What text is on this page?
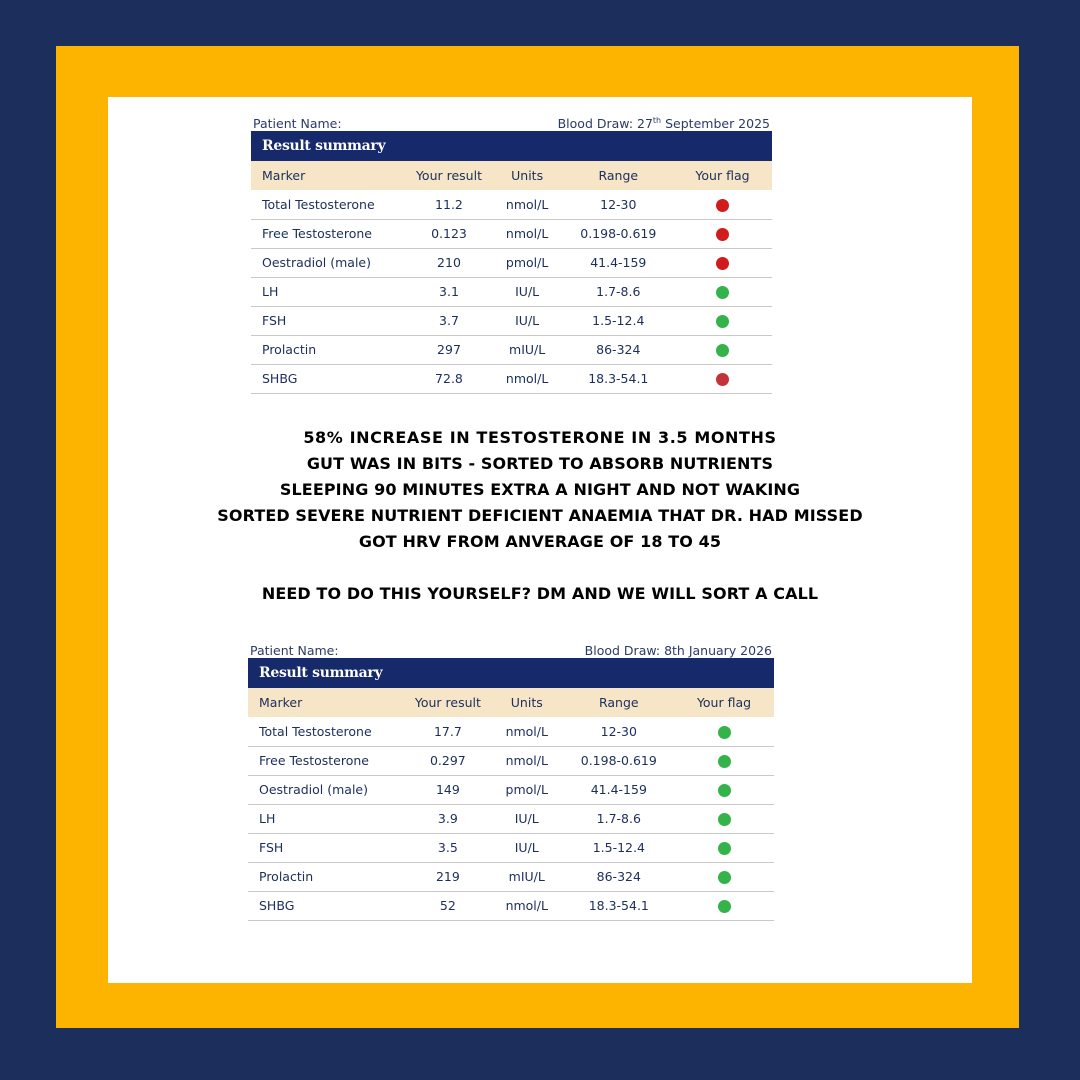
Patient Name:	Blood Draw: 27th September 2025
Result summary
Marker	Your result	Units	Range	Your flag
Total Testosterone	11.2	nmol/L	12-30	
Free Testosterone	0.123	nmol/L	0.198-0.619	
Oestradiol (male)	210	pmol/L	41.4-159	
LH	3.1	IU/L	1.7-8.6	
FSH	3.7	IU/L	1.5-12.4	
Prolactin	297	mIU/L	86-324	
SHBG	72.8	nmol/L	18.3-54.1	
58% INCREASE IN TESTOSTERONE IN 3.5 MONTHS
GUT WAS IN BITS - SORTED TO ABSORB NUTRIENTS
SLEEPING 90 MINUTES EXTRA A NIGHT AND NOT WAKING
SORTED SEVERE NUTRIENT DEFICIENT ANAEMIA THAT DR. HAD MISSED
GOT HRV FROM ANVERAGE OF 18 TO 45
NEED TO DO THIS YOURSELF? DM AND WE WILL SORT A CALL
Patient Name:	Blood Draw: 8th January 2026
Result summary
Marker	Your result	Units	Range	Your flag
Total Testosterone	17.7	nmol/L	12-30	
Free Testosterone	0.297	nmol/L	0.198-0.619	
Oestradiol (male)	149	pmol/L	41.4-159	
LH	3.9	IU/L	1.7-8.6	
FSH	3.5	IU/L	1.5-12.4	
Prolactin	219	mIU/L	86-324	
SHBG	52	nmol/L	18.3-54.1	
